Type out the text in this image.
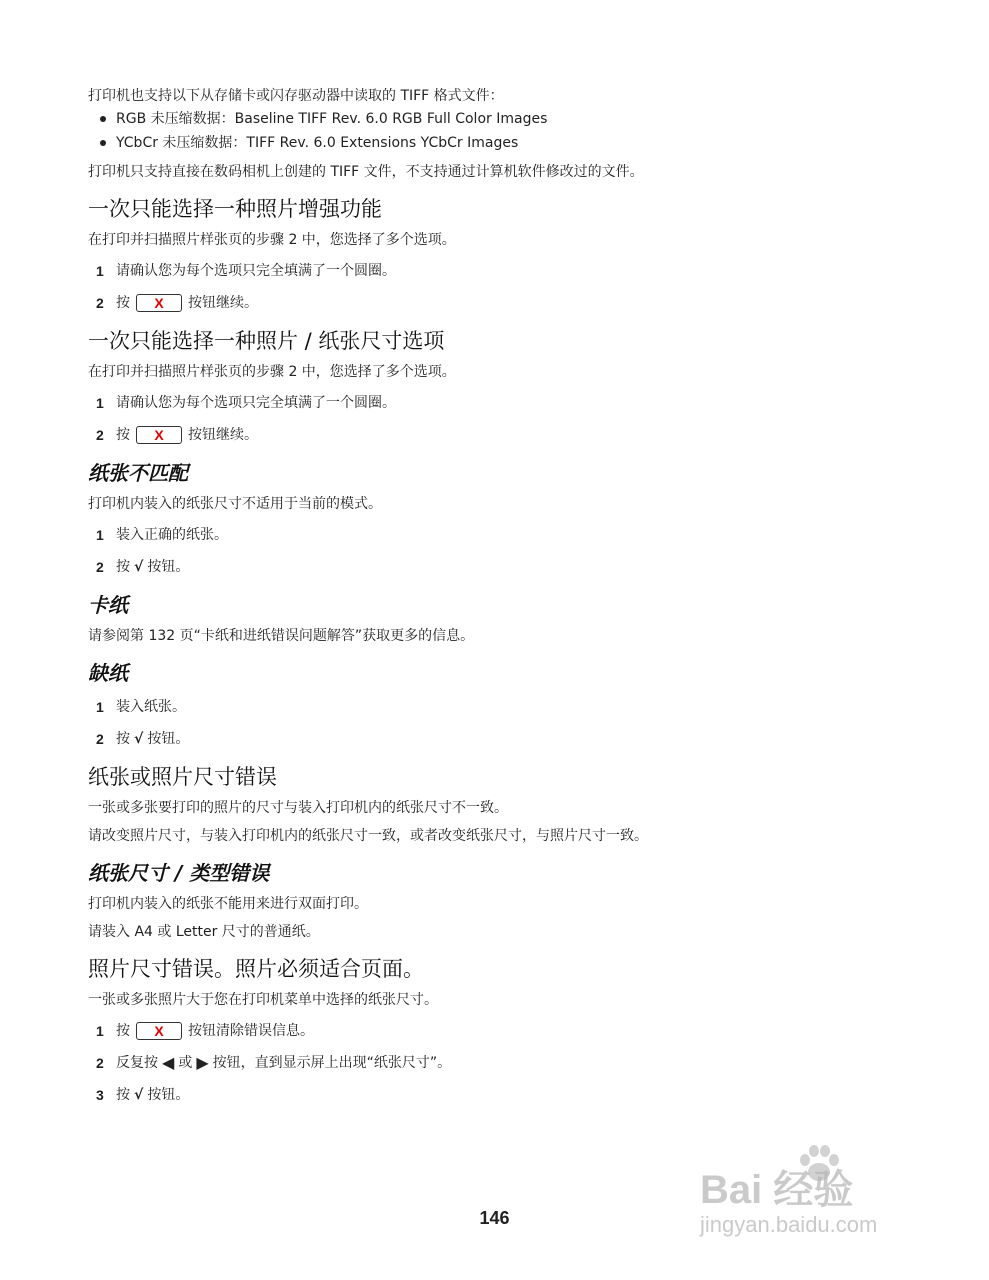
打印机也支持以下从存储卡或闪存驱动器中读取的 TIFF 格式文件：

RGB 未压缩数据：Baseline TIFF Rev. 6.0 RGB Full Color Images
YCbCr 未压缩数据：TIFF Rev. 6.0 Extensions YCbCr Images

打印机只支持直接在数码相机上创建的 TIFF 文件，不支持通过计算机软件修改过的文件。

一次只能选择一种照片增强功能

在打印并扫描照片样张页的步骤 2 中，您选择了多个选项。

1 请确认您为每个选项只完全填满了一个圆圈。
2 按	X	按钮继续。
一次只能选择一种照片 / 纸张尺寸选项

在打印并扫描照片样张页的步骤 2 中，您选择了多个选项。

1 请确认您为每个选项只完全填满了一个圆圈。
2 按	X	按钮继续。
纸张不匹配

打印机内装入的纸张尺寸不适用于当前的模式。

1 装入正确的纸张。
2 按 √ 按钮。
卡纸

请参阅第 132 页“卡纸和进纸错误问题解答”获取更多的信息。

缺纸
1 装入纸张。
2 按 √ 按钮。
纸张或照片尺寸错误

一张或多张要打印的照片的尺寸与装入打印机内的纸张尺寸不一致。

请改变照片尺寸，与装入打印机内的纸张尺寸一致，或者改变纸张尺寸，与照片尺寸一致。

纸张尺寸 / 类型错误

打印机内装入的纸张不能用来进行双面打印。

请装入 A4 或 Letter 尺寸的普通纸。

照片尺寸错误。照片必须适合页面。

一张或多张照片大于您在打印机菜单中选择的纸张尺寸。

1 按	X	按钮清除错误信息。
2 反复按 ◀ 或 ▶ 按钮，直到显示屏上出现“纸张尺寸”。
3 按 √ 按钮。
Bai 经验
jingyan.baidu.com
146
